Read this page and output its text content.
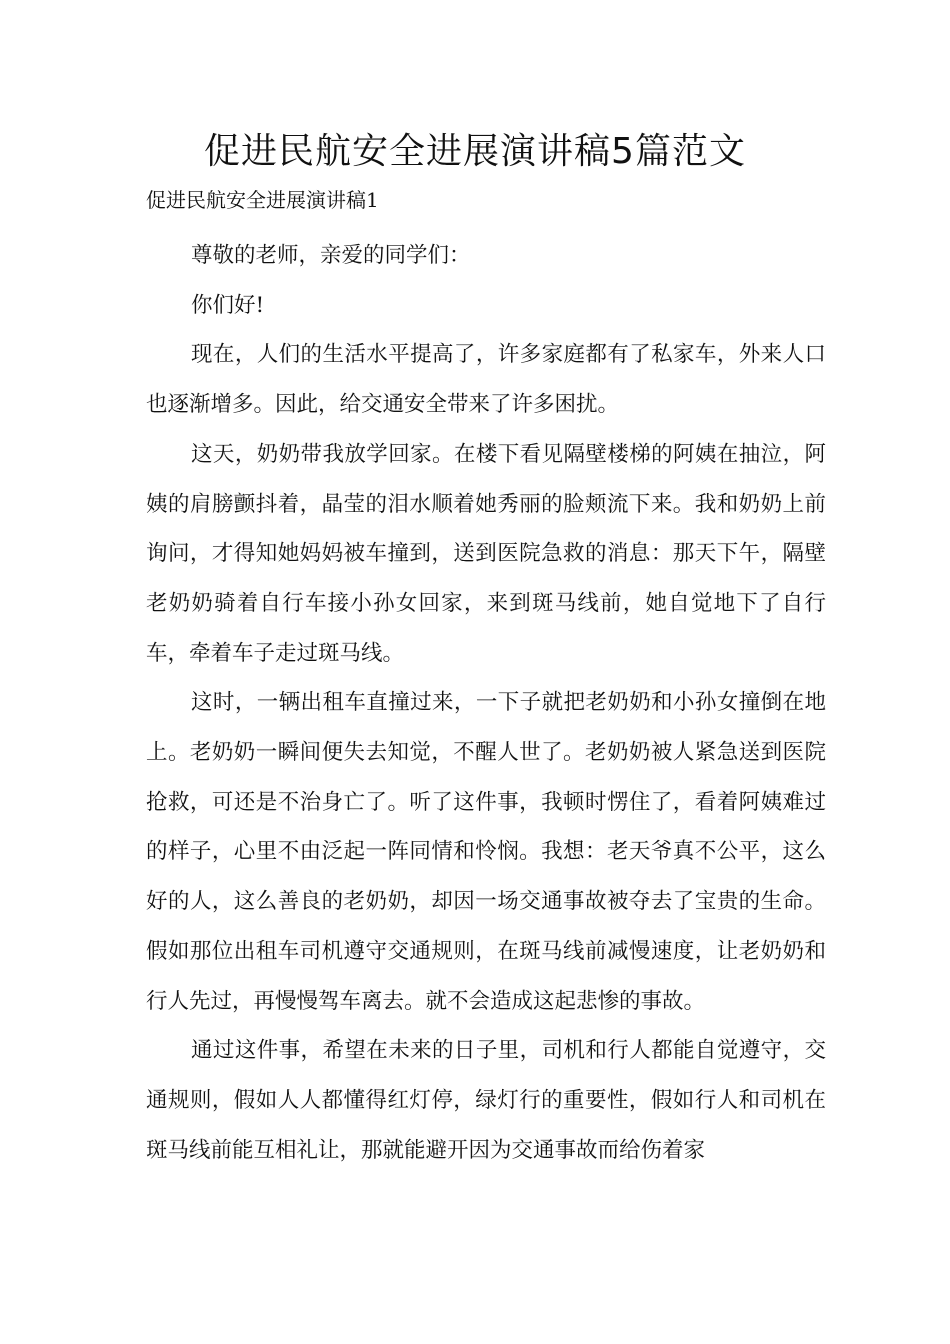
促进民航安全进展演讲稿5篇范文

促进民航安全进展演讲稿1

尊敬的老师，亲爱的同学们：

你们好!

现在，人们的生活水平提高了，许多家庭都有了私家车，外来人口也逐渐增多。因此，给交通安全带来了许多困扰。

这天，奶奶带我放学回家。在楼下看见隔壁楼梯的阿姨在抽泣，阿姨的肩膀颤抖着，晶莹的泪水顺着她秀丽的脸颊流下来。我和奶奶上前询问，才得知她妈妈被车撞到，送到医院急救的消息：那天下午，隔壁老奶奶骑着自行车接小孙女回家，来到斑马线前，她自觉地下了自行车，牵着车子走过斑马线。

这时，一辆出租车直撞过来，一下子就把老奶奶和小孙女撞倒在地上。老奶奶一瞬间便失去知觉，不醒人世了。老奶奶被人紧急送到医院抢救，可还是不治身亡了。听了这件事，我顿时愣住了，看着阿姨难过的样子，心里不由泛起一阵同情和怜悯。我想：老天爷真不公平，这么好的人，这么善良的老奶奶，却因一场交通事故被夺去了宝贵的生命。假如那位出租车司机遵守交通规则，在斑马线前减慢速度，让老奶奶和行人先过，再慢慢驾车离去。就不会造成这起悲惨的事故。

通过这件事，希望在未来的日子里，司机和行人都能自觉遵守，交通规则，假如人人都懂得红灯停，绿灯行的重要性，假如行人和司机在斑马线前能互相礼让，那就能避开因为交通事故而给伤着家
